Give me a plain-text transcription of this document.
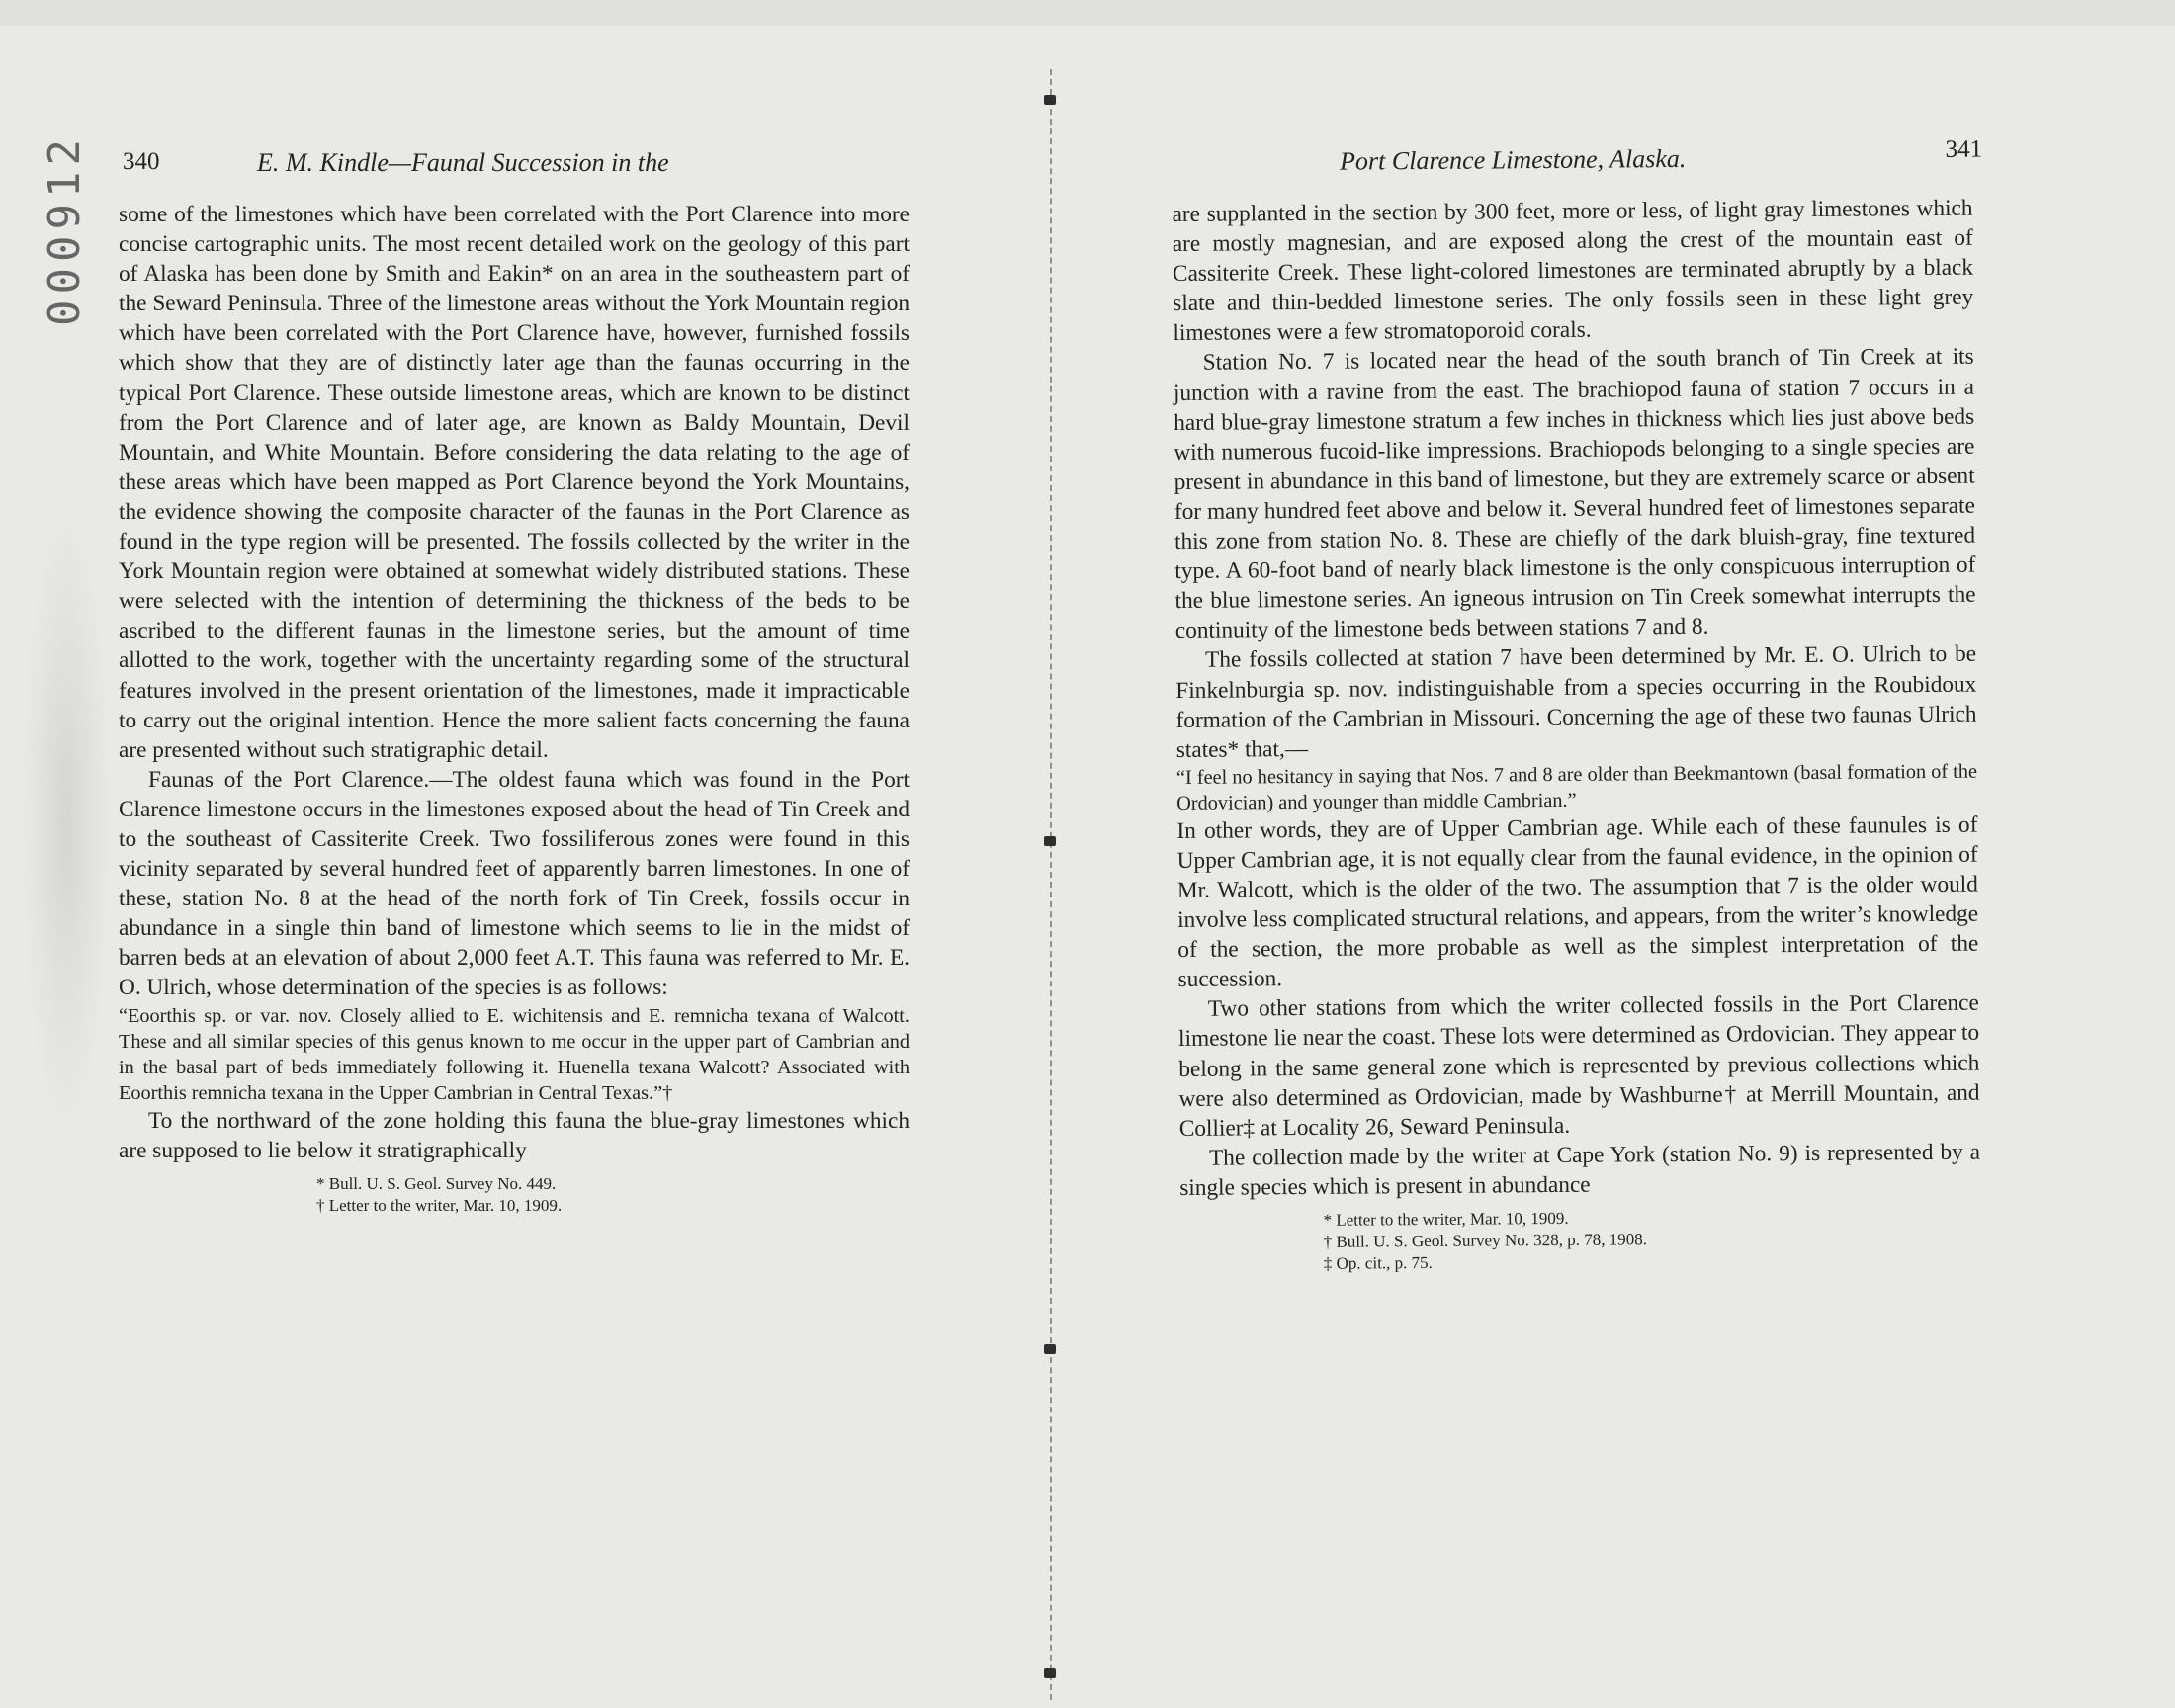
000912 340	E. M. Kindle—Faunal Succession in the

some of the limestones which have been correlated with the Port Clarence into more concise cartographic units. The most recent detailed work on the geology of this part of Alaska has been done by Smith and Eakin* on an area in the southeastern part of the Seward Peninsula. Three of the limestone areas without the York Mountain region which have been correlated with the Port Clarence have, however, furnished fossils which show that they are of distinctly later age than the faunas occurring in the typical Port Clarence. These outside limestone areas, which are known to be distinct from the Port Clarence and of later age, are known as Baldy Mountain, Devil Mountain, and White Mountain. Before considering the data relating to the age of these areas which have been mapped as Port Clarence beyond the York Mountains, the evidence showing the composite character of the faunas in the Port Clarence as found in the type region will be presented. The fossils collected by the writer in the York Mountain region were obtained at somewhat widely distributed stations. These were selected with the intention of determining the thickness of the beds to be ascribed to the different faunas in the limestone series, but the amount of time allotted to the work, together with the uncertainty regarding some of the structural features involved in the present orientation of the limestones, made it impracticable to carry out the original intention. Hence the more salient facts concerning the fauna are presented without such stratigraphic detail.

Faunas of the Port Clarence.—The oldest fauna which was found in the Port Clarence limestone occurs in the limestones exposed about the head of Tin Creek and to the southeast of Cassiterite Creek. Two fossiliferous zones were found in this vicinity separated by several hundred feet of apparently barren limestones. In one of these, station No. 8 at the head of the north fork of Tin Creek, fossils occur in abundance in a single thin band of limestone which seems to lie in the midst of barren beds at an elevation of about 2,000 feet A.T. This fauna was referred to Mr. E. O. Ulrich, whose determination of the species is as follows:

“Eoorthis sp. or var. nov. Closely allied to E. wichitensis and E. remnicha texana of Walcott. These and all similar species of this genus known to me occur in the upper part of Cambrian and in the basal part of beds immediately following it. Huenella texana Walcott? Associated with Eoorthis remnicha texana in the Upper Cambrian in Central Texas.”†

To the northward of the zone holding this fauna the blue-gray limestones which are supposed to lie below it stratigraphically

* Bull. U. S. Geol. Survey No. 449.
† Letter to the writer, Mar. 10, 1909.
Port Clarence Limestone, Alaska.	341

are supplanted in the section by 300 feet, more or less, of light gray limestones which are mostly magnesian, and are exposed along the crest of the mountain east of Cassiterite Creek. These light-colored limestones are terminated abruptly by a black slate and thin-bedded limestone series. The only fossils seen in these light grey limestones were a few stromatoporoid corals.

Station No. 7 is located near the head of the south branch of Tin Creek at its junction with a ravine from the east. The brachiopod fauna of station 7 occurs in a hard blue-gray limestone stratum a few inches in thickness which lies just above beds with numerous fucoid-like impressions. Brachiopods belonging to a single species are present in abundance in this band of limestone, but they are extremely scarce or absent for many hundred feet above and below it. Several hundred feet of limestones separate this zone from station No. 8. These are chiefly of the dark bluish-gray, fine textured type. A 60-foot band of nearly black limestone is the only conspicuous interruption of the blue limestone series. An igneous intrusion on Tin Creek somewhat interrupts the continuity of the limestone beds between stations 7 and 8.

The fossils collected at station 7 have been determined by Mr. E. O. Ulrich to be Finkelnburgia sp. nov. indistinguishable from a species occurring in the Roubidoux formation of the Cambrian in Missouri. Concerning the age of these two faunas Ulrich states* that,—

“I feel no hesitancy in saying that Nos. 7 and 8 are older than Beekmantown (basal formation of the Ordovician) and younger than middle Cambrian.”

In other words, they are of Upper Cambrian age. While each of these faunules is of Upper Cambrian age, it is not equally clear from the faunal evidence, in the opinion of Mr. Walcott, which is the older of the two. The assumption that 7 is the older would involve less complicated structural relations, and appears, from the writer’s knowledge of the section, the more probable as well as the simplest interpretation of the succession.

Two other stations from which the writer collected fossils in the Port Clarence limestone lie near the coast. These lots were determined as Ordovician. They appear to belong in the same general zone which is represented by previous collections which were also determined as Ordovician, made by Washburne† at Merrill Mountain, and Collier‡ at Locality 26, Seward Peninsula.

The collection made by the writer at Cape York (station No. 9) is represented by a single species which is present in abundance

* Letter to the writer, Mar. 10, 1909.
† Bull. U. S. Geol. Survey No. 328, p. 78, 1908.
‡ Op. cit., p. 75.
